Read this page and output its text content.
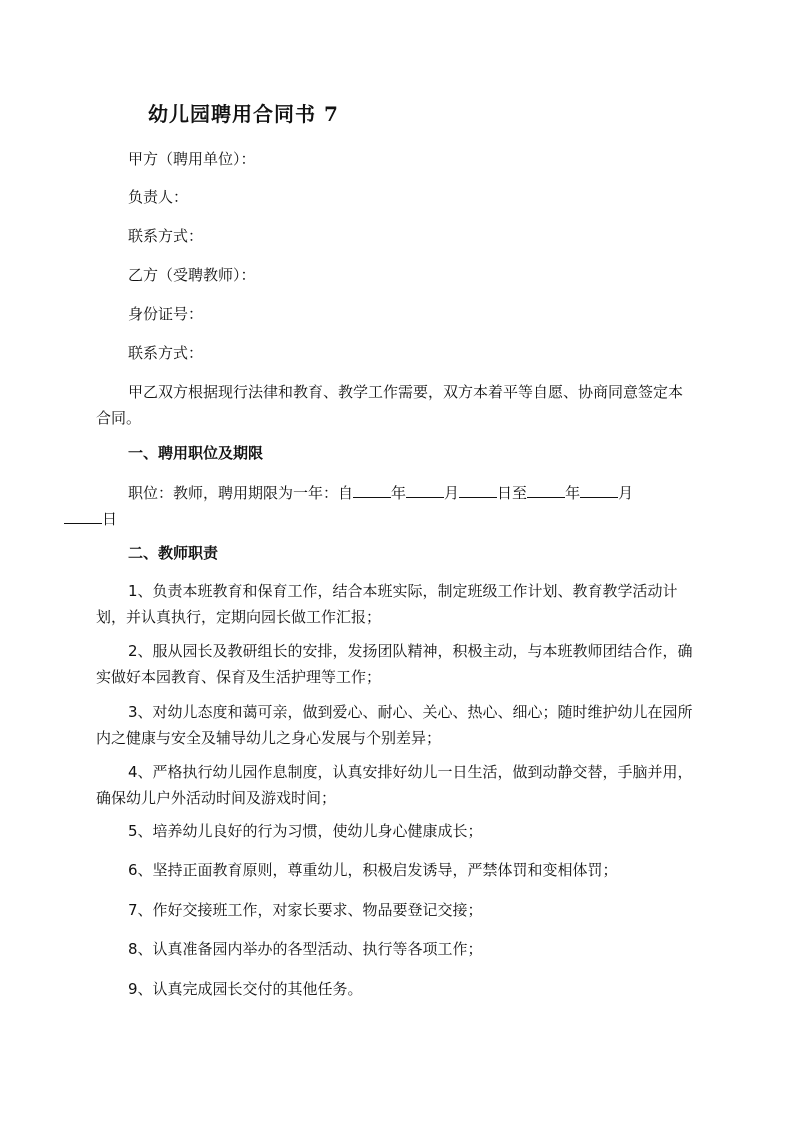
幼儿园聘用合同书 7
甲方（聘用单位）：
负责人：
联系方式：
乙方（受聘教师）：
身份证号：
联系方式：
甲乙双方根据现行法律和教育、教学工作需要，双方本着平等自愿、协商同意签定本合同。
一、聘用职位及期限
职位：教师，聘用期限为一年：自	年	月	日至	年	月
日
二、教师职责
1、负责本班教育和保育工作，结合本班实际，制定班级工作计划、教育教学活动计划，并认真执行，定期向园长做工作汇报；
2、服从园长及教研组长的安排，发扬团队精神，积极主动，与本班教师团结合作，确实做好本园教育、保育及生活护理等工作；
3、对幼儿态度和蔼可亲，做到爱心、耐心、关心、热心、细心；随时维护幼儿在园所内之健康与安全及辅导幼儿之身心发展与个别差异；
4、严格执行幼儿园作息制度，认真安排好幼儿一日生活，做到动静交替，手脑并用，确保幼儿户外活动时间及游戏时间；
5、培养幼儿良好的行为习惯，使幼儿身心健康成长；
6、坚持正面教育原则，尊重幼儿，积极启发诱导，严禁体罚和变相体罚；
7、作好交接班工作，对家长要求、物品要登记交接；
8、认真准备园内举办的各型活动、执行等各项工作；
9、认真完成园长交付的其他任务。
